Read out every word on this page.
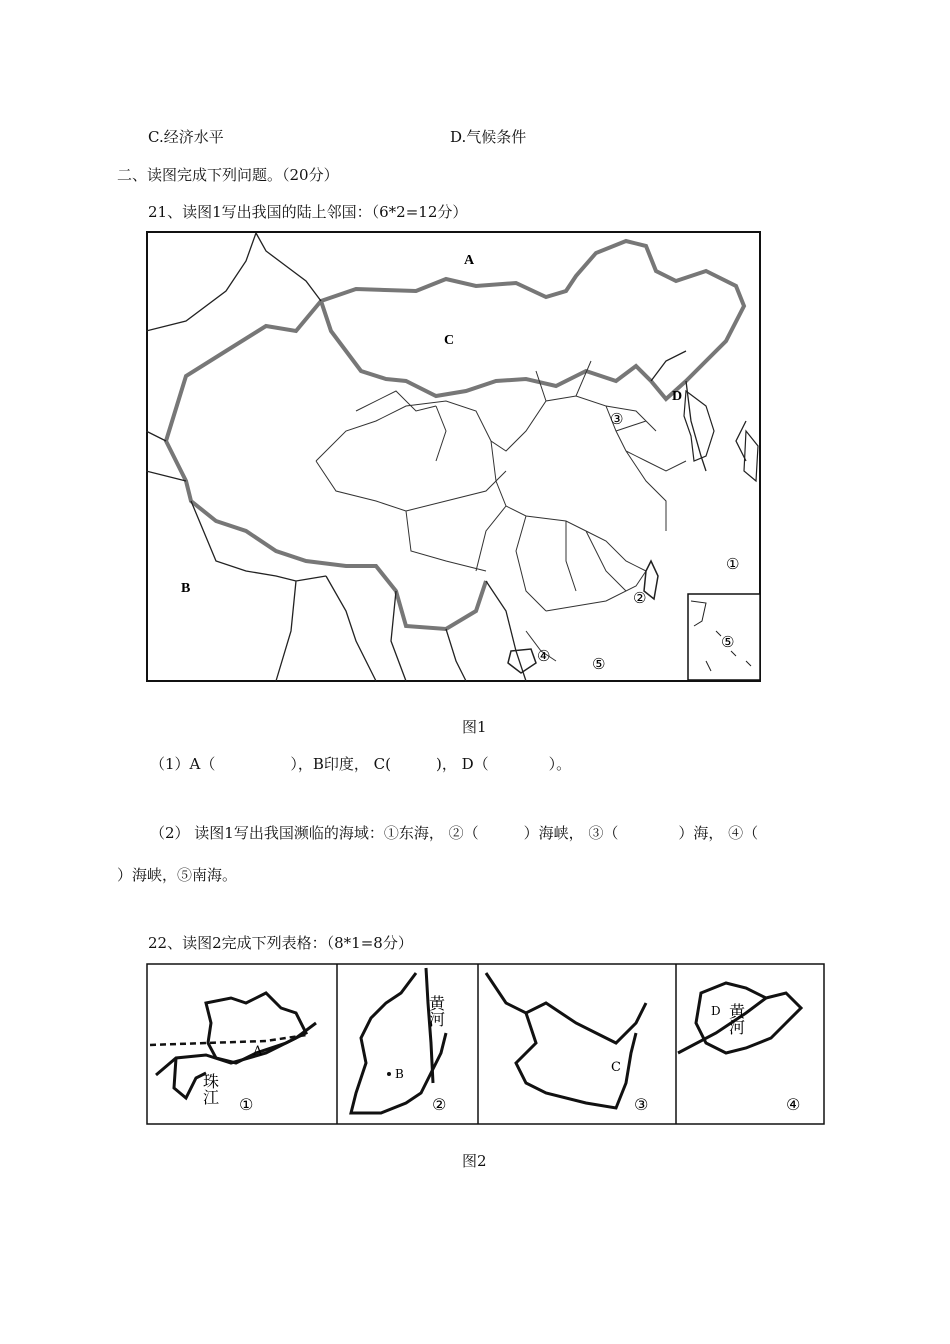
C.经济水平	D.气候条件
二、读图完成下列问题。（20分）
21、读图1写出我国的陆上邻国：（6*2=12分）
A
C
D
B
③
①
②
④	⑤
⑤
图1
（1）A（　　　　　），B印度， C(　　　)， D（　　　　）。
（2） 读图1写出我国濒临的海域：①东海， ②（　　　）海峡， ③（　　　　）海， ④（
）海峡，⑤南海。
22、读图2完成下列表格：（8*1=8分）
A
珠江 ①
B
黄河
②
C
③
D 黄河
④
图2
